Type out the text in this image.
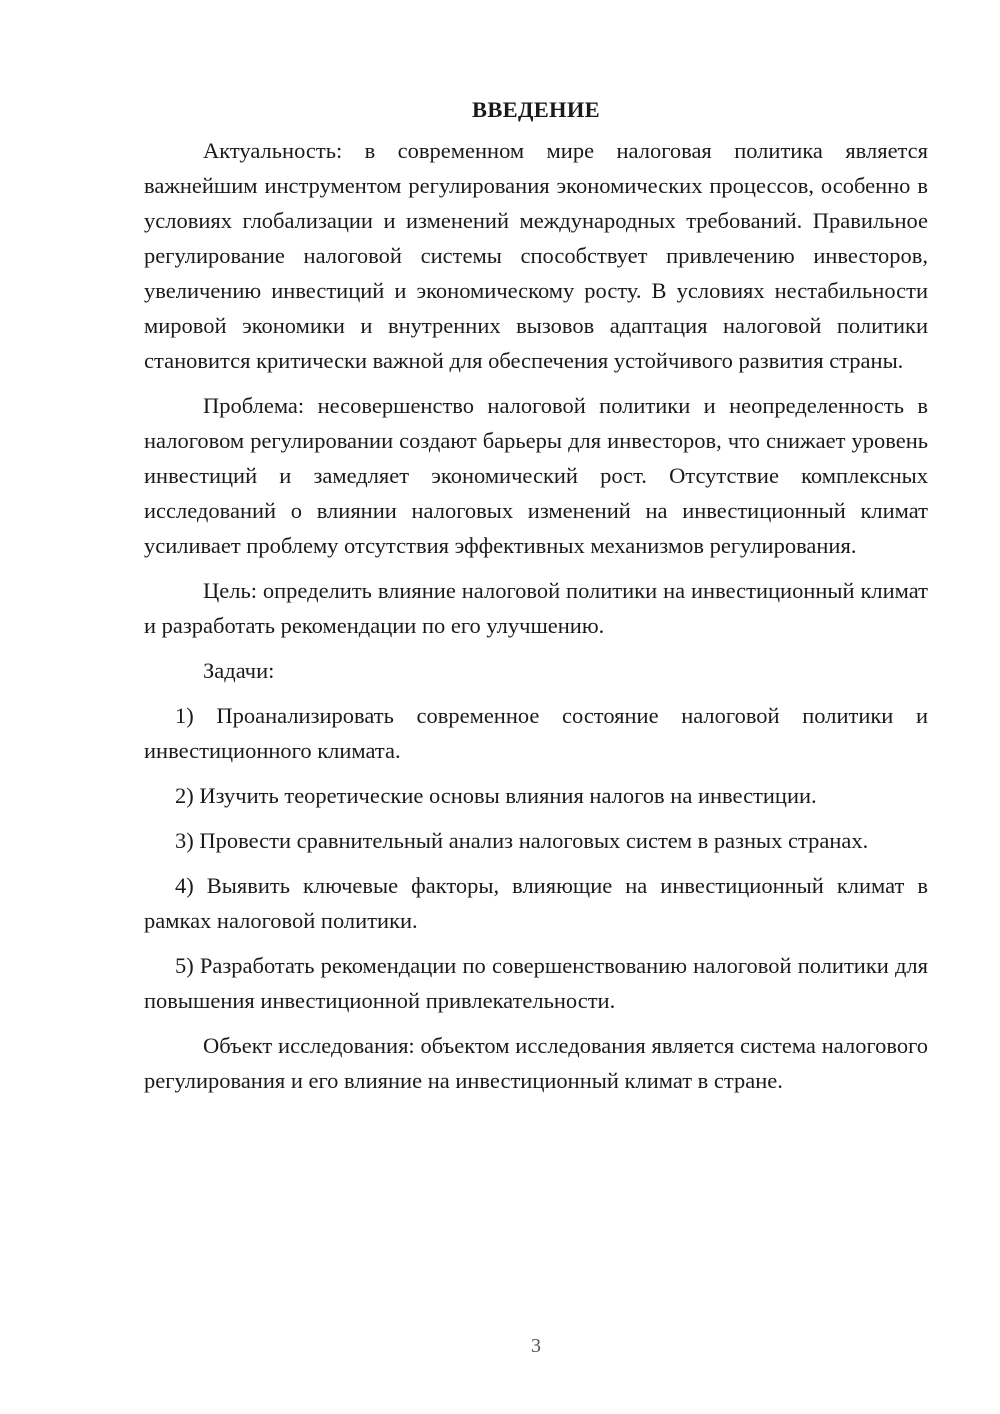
ВВЕДЕНИЕ

Актуальность: в современном мире налоговая политика является важнейшим инструментом регулирования экономических процессов, особенно в условиях глобализации и изменений международных требований. Правильное регулирование налоговой системы способствует привлечению инвесторов, увеличению инвестиций и экономическому росту. В условиях нестабильности мировой экономики и внутренних вызовов адаптация налоговой политики становится критически важной для обеспечения устойчивого развития страны.

Проблема: несовершенство налоговой политики и неопределенность в налоговом регулировании создают барьеры для инвесторов, что снижает уровень инвестиций и замедляет экономический рост. Отсутствие комплексных исследований о влиянии налоговых изменений на инвестиционный климат усиливает проблему отсутствия эффективных механизмов регулирования.

Цель: определить влияние налоговой политики на инвестиционный климат и разработать рекомендации по его улучшению.

Задачи:

1) Проанализировать современное состояние налоговой политики и инвестиционного климата.

2) Изучить теоретические основы влияния налогов на инвестиции.

3) Провести сравнительный анализ налоговых систем в разных странах.

4) Выявить ключевые факторы, влияющие на инвестиционный климат в рамках налоговой политики.

5) Разработать рекомендации по совершенствованию налоговой политики для повышения инвестиционной привлекательности.

Объект исследования: объектом исследования является система налогового регулирования и его влияние на инвестиционный климат в стране.

3
